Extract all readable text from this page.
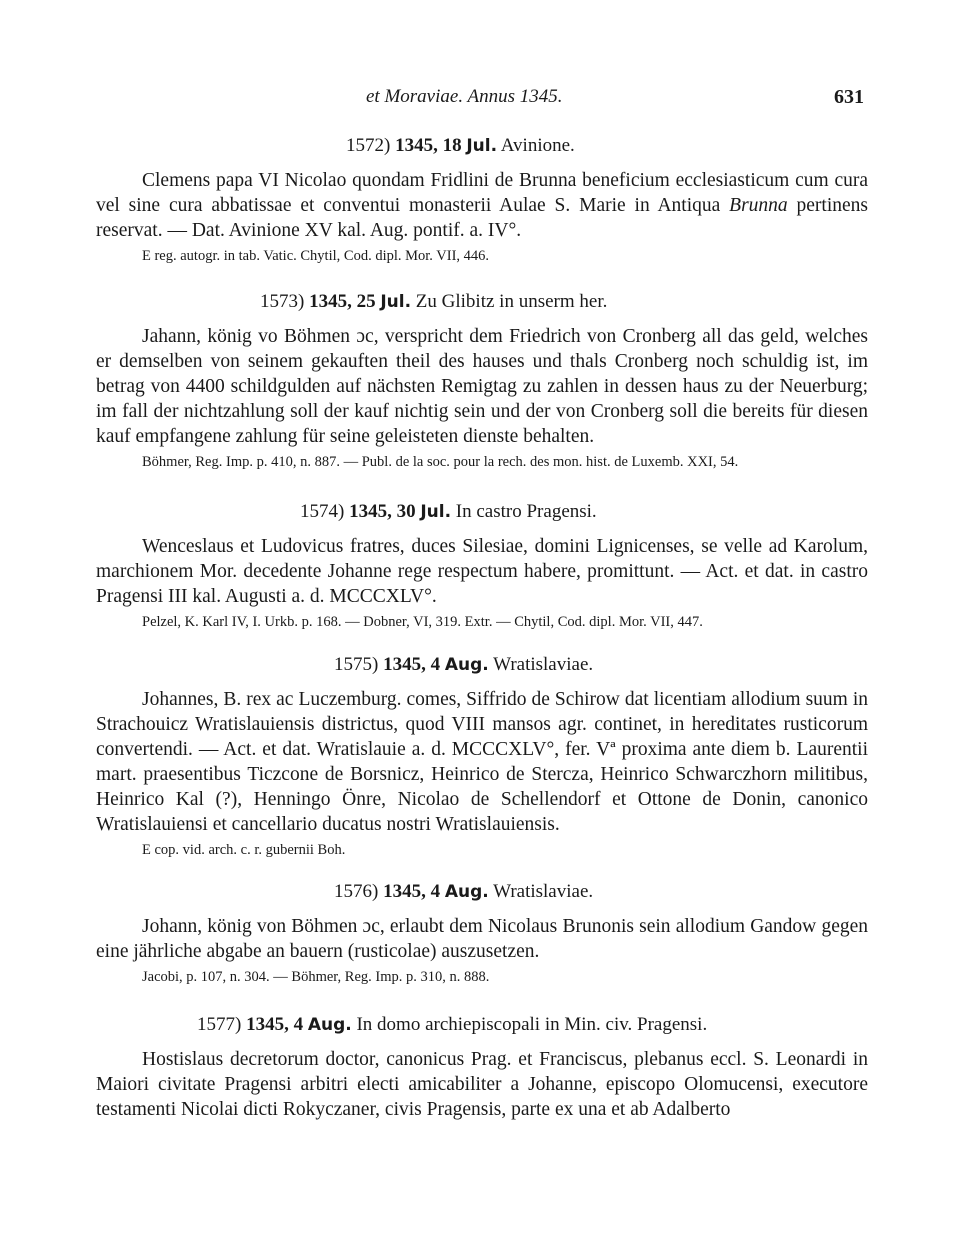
et Moraviae. Annus 1345.	631
1572) 1345, 18 Jul. Avinione.
Clemens papa VI Nicolao quondam Fridlini de Brunna beneficium ecclesiasticum cum cura vel sine cura abbatissae et conventui monasterii Aulae S. Marie in Antiqua Brunna pertinens reservat. — Dat. Avinione XV kal. Aug. pontif. a. IV°.
E reg. autogr. in tab. Vatic. Chytil, Cod. dipl. Mor. VII, 446.
1573) 1345, 25 Jul. Zu Glibitz in unserm her.
Jahann, könig vo Böhmen ɔc, verspricht dem Friedrich von Cronberg all das geld, welches er demselben von seinem gekauften theil des hauses und thals Cronberg noch schuldig ist, im betrag von 4400 schildgulden auf nächsten Remigtag zu zahlen in dessen haus zu der Neuerburg; im fall der nichtzahlung soll der kauf nichtig sein und der von Cronberg soll die bereits für diesen kauf empfangene zahlung für seine geleisteten dienste behalten.
Böhmer, Reg. Imp. p. 410, n. 887. — Publ. de la soc. pour la rech. des mon. hist. de Luxemb. XXI, 54.
1574) 1345, 30 Jul. In castro Pragensi.
Wenceslaus et Ludovicus fratres, duces Silesiae, domini Lignicenses, se velle ad Karolum, marchionem Mor. decedente Johanne rege respectum habere, promittunt. — Act. et dat. in castro Pragensi III kal. Augusti a. d. MCCCXLV°.
Pelzel, K. Karl IV, I. Urkb. p. 168. — Dobner, VI, 319. Extr. — Chytil, Cod. dipl. Mor. VII, 447.
1575) 1345, 4 Aug. Wratislaviae.
Johannes, B. rex ac Luczemburg. comes, Siffrido de Schirow dat licentiam allodium suum in Strachouicz Wratislauiensis districtus, quod VIII mansos agr. continet, in hereditates rusticorum convertendi. — Act. et dat. Wratislauie a. d. MCCCXLV°, fer. Vª proxima ante diem b. Laurentii mart. praesentibus Ticzcone de Borsnicz, Heinrico de Stercza, Heinrico Schwarczhorn militibus, Heinrico Kal (?), Henningo Önre, Nicolao de Schellendorf et Ottone de Donin, canonico Wratislauiensi et cancellario ducatus nostri Wratislauiensis.
E cop. vid. arch. c. r. gubernii Boh.
1576) 1345, 4 Aug. Wratislaviae.
Johann, könig von Böhmen ɔc, erlaubt dem Nicolaus Brunonis sein allodium Gandow gegen eine jährliche abgabe an bauern (rusticolae) auszusetzen.
Jacobi, p. 107, n. 304. — Böhmer, Reg. Imp. p. 310, n. 888.
1577) 1345, 4 Aug. In domo archiepiscopali in Min. civ. Pragensi.
Hostislaus decretorum doctor, canonicus Prag. et Franciscus, plebanus eccl. S. Leonardi in Maiori civitate Pragensi arbitri electi amicabiliter a Johanne, episcopo Olomucensi, executore testamenti Nicolai dicti Rokyczaner, civis Pragensis, parte ex una et ab Adalberto
